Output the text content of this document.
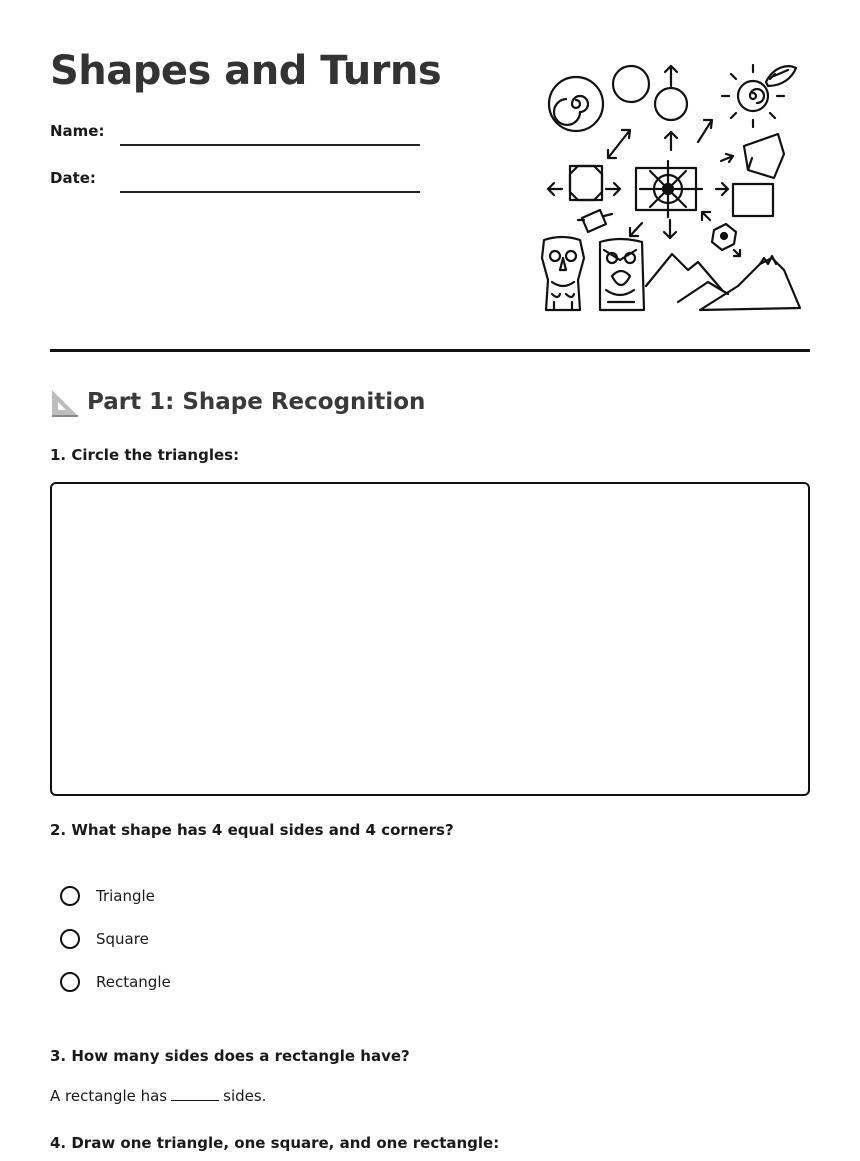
Shapes and Turns
Name:
Date:
Part 1: Shape Recognition

1. Circle the triangles:

2. What shape has 4 equal sides and 4 corners?

Triangle
Square
Rectangle

3. How many sides does a rectangle have?

A rectangle has	sides.

4. Draw one triangle, one square, and one rectangle:
